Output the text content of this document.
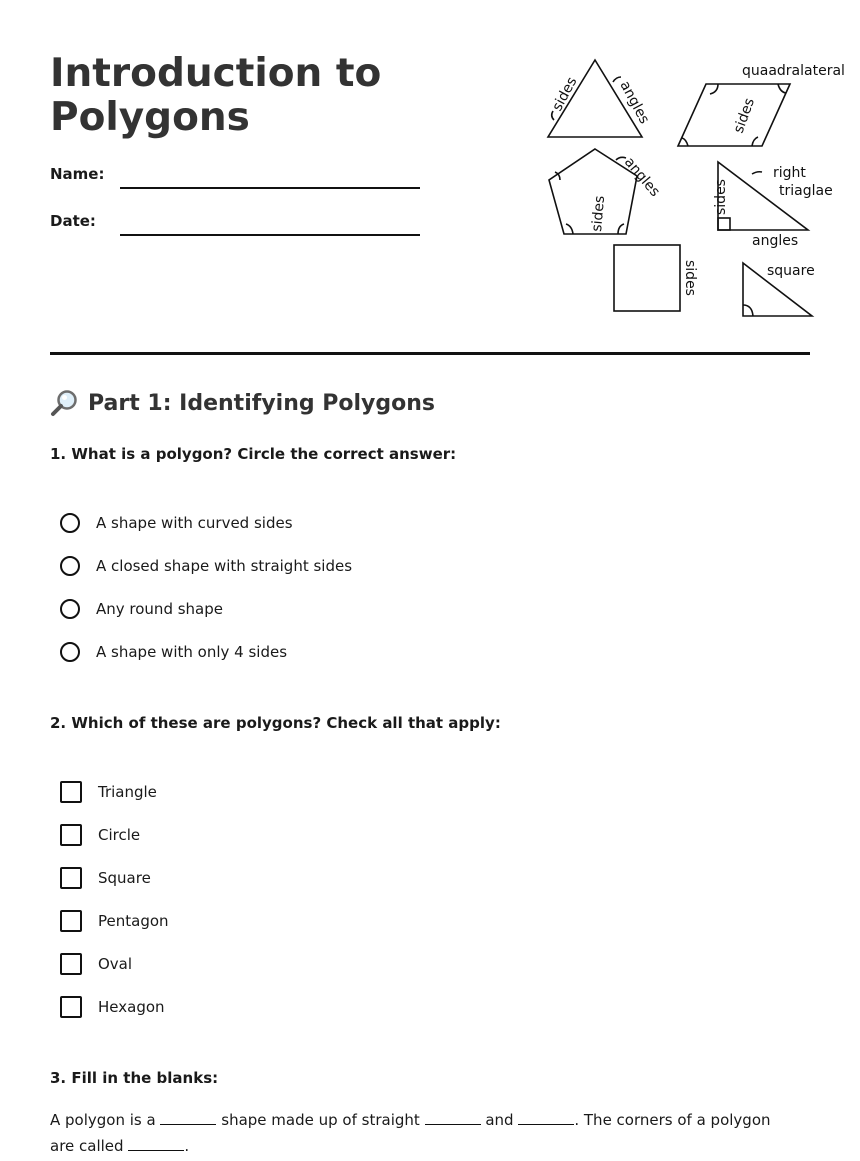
Introduction to
Polygons
Name:
Date:
sides	angles
quaadralateral
sides
angles
sides
right
triaglae
sides
angles
sides	square
Part 1: Identifying Polygons
1. What is a polygon? Circle the correct answer:
A shape with curved sides
A closed shape with straight sides
Any round shape
A shape with only 4 sides
2. Which of these are polygons? Check all that apply:
Triangle
Circle
Square
Pentagon
Oval
Hexagon
3. Fill in the blanks:
A polygon is a	shape made up of straight	and	. The corners of a polygon are called	.
